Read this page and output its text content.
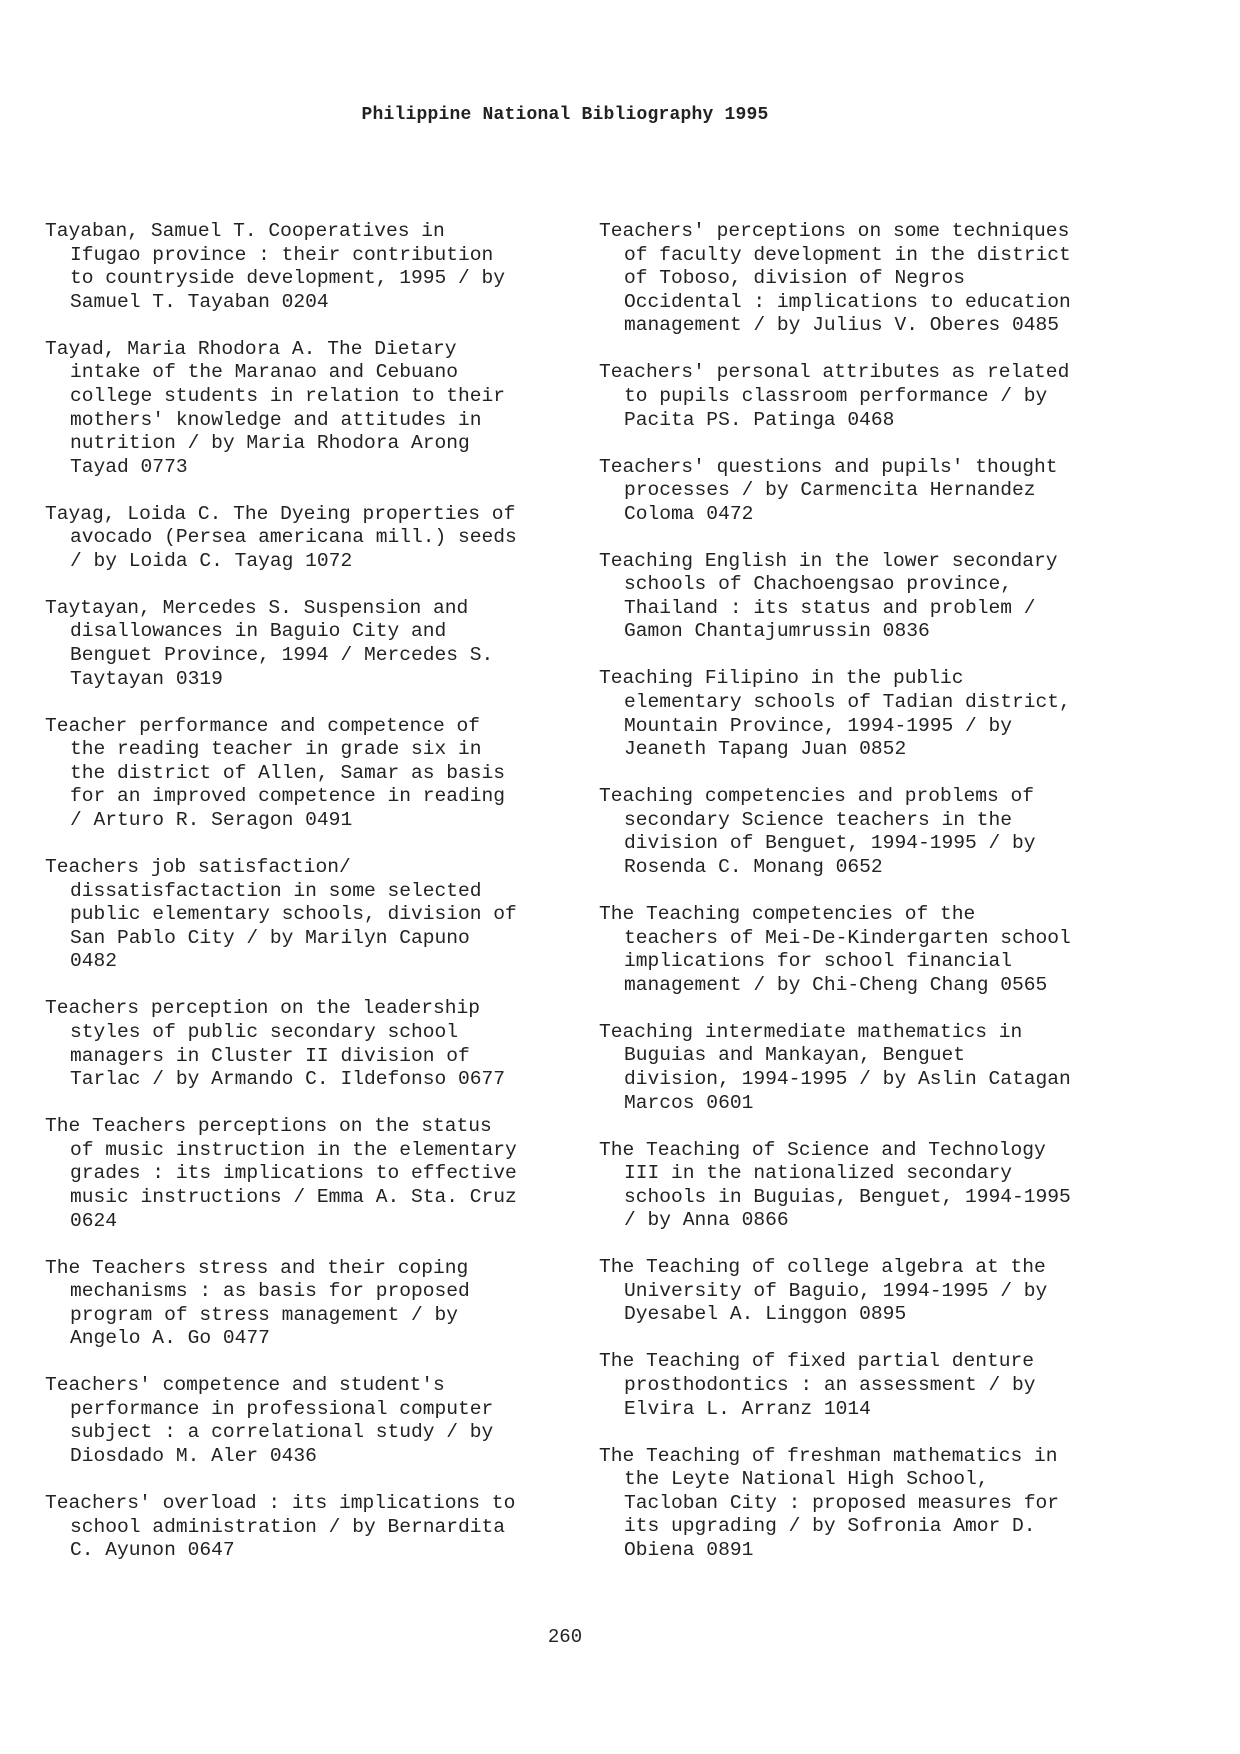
Philippine National Bibliography 1995
Tayaban, Samuel T. Cooperatives in
Ifugao province : their contribution
to countryside development, 1995 / by
Samuel T. Tayaban 0204
Tayad, Maria Rhodora A. The Dietary
intake of the Maranao and Cebuano
college students in relation to their
mothers' knowledge and attitudes in
nutrition / by Maria Rhodora Arong
Tayad 0773
Tayag, Loida C. The Dyeing properties of
avocado (Persea americana mill.) seeds
/ by Loida C. Tayag 1072
Taytayan, Mercedes S. Suspension and
disallowances in Baguio City and
Benguet Province, 1994 / Mercedes S.
Taytayan 0319
Teacher performance and competence of
the reading teacher in grade six in
the district of Allen, Samar as basis
for an improved competence in reading
/ Arturo R. Seragon 0491
Teachers job satisfaction/
dissatisfactaction in some selected
public elementary schools, division of
San Pablo City / by Marilyn Capuno
0482
Teachers perception on the leadership
styles of public secondary school
managers in Cluster II division of
Tarlac / by Armando C. Ildefonso 0677
The Teachers perceptions on the status
of music instruction in the elementary
grades : its implications to effective
music instructions / Emma A. Sta. Cruz
0624
The Teachers stress and their coping
mechanisms : as basis for proposed
program of stress management / by
Angelo A. Go 0477
Teachers' competence and student's
performance in professional computer
subject : a correlational study / by
Diosdado M. Aler 0436
Teachers' overload : its implications to
school administration / by Bernardita
C. Ayunon 0647
Teachers' perceptions on some techniques
of faculty development in the district
of Toboso, division of Negros
Occidental : implications to education
management / by Julius V. Oberes 0485
Teachers' personal attributes as related
to pupils classroom performance / by
Pacita PS. Patinga 0468
Teachers' questions and pupils' thought
processes / by Carmencita Hernandez
Coloma 0472
Teaching English in the lower secondary
schools of Chachoengsao province,
Thailand : its status and problem /
Gamon Chantajumrussin 0836
Teaching Filipino in the public
elementary schools of Tadian district,
Mountain Province, 1994-1995 / by
Jeaneth Tapang Juan 0852
Teaching competencies and problems of
secondary Science teachers in the
division of Benguet, 1994-1995 / by
Rosenda C. Monang 0652
The Teaching competencies of the
teachers of Mei-De-Kindergarten school
implications for school financial
management / by Chi-Cheng Chang 0565
Teaching intermediate mathematics in
Buguias and Mankayan, Benguet
division, 1994-1995 / by Aslin Catagan
Marcos 0601
The Teaching of Science and Technology
III in the nationalized secondary
schools in Buguias, Benguet, 1994-1995
/ by Anna 0866
The Teaching of college algebra at the
University of Baguio, 1994-1995 / by
Dyesabel A. Linggon 0895
The Teaching of fixed partial denture
prosthodontics : an assessment / by
Elvira L. Arranz 1014
The Teaching of freshman mathematics in
the Leyte National High School,
Tacloban City : proposed measures for
its upgrading / by Sofronia Amor D.
Obiena 0891
260
